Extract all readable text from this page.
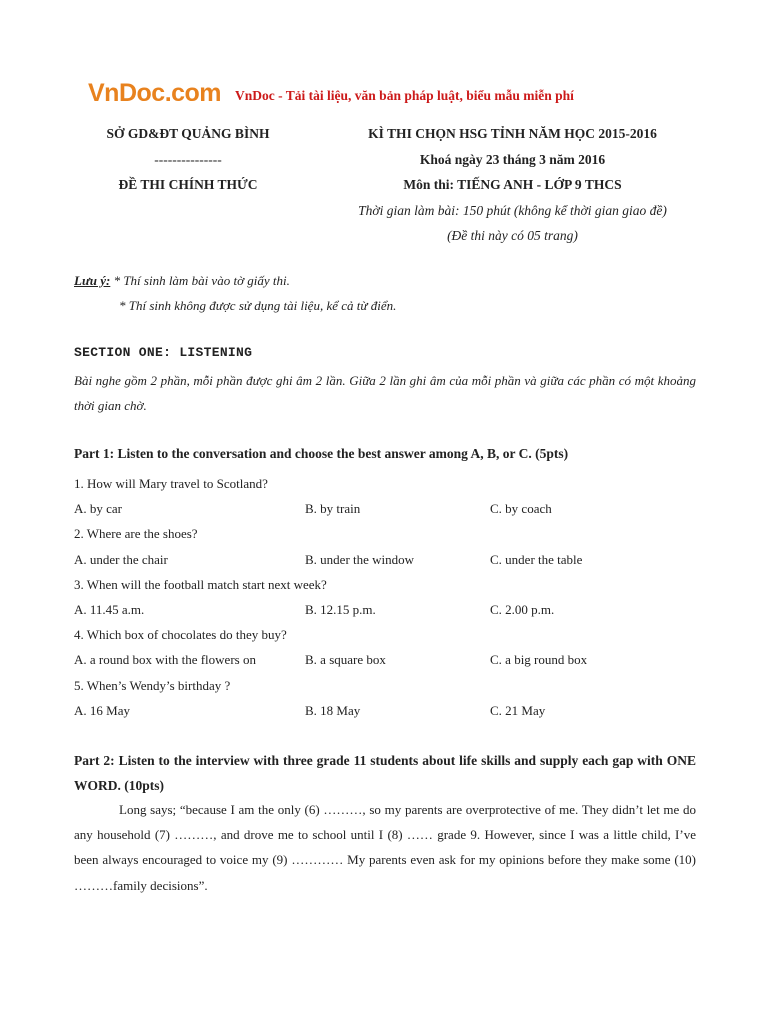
VnDoc.com VnDoc - Tải tài liệu, văn bản pháp luật, biểu mẫu miễn phí
SỞ GD&ĐT QUẢNG BÌNH
---------------
ĐỀ THI CHÍNH THỨC
KÌ THI CHỌN HSG TỈNH NĂM HỌC 2015-2016
Khoá ngày 23 tháng 3 năm 2016
Môn thi: TIẾNG ANH - LỚP 9 THCS
Thời gian làm bài: 150 phút (không kể thời gian giao đề)
(Đề thi này có 05 trang)
Lưu ý: * Thí sinh làm bài vào tờ giấy thi.
* Thí sinh không được sử dụng tài liệu, kể cả từ điển.
SECTION ONE: LISTENING
Bài nghe gồm 2 phần, mỗi phần được ghi âm 2 lần. Giữa 2 lần ghi âm của mỗi phần và giữa các phần có một khoảng thời gian chờ.
Part 1: Listen to the conversation and choose the best answer among A, B, or C. (5pts)
1. How will Mary travel to Scotland?
A. by car	B. by train	C. by coach
2. Where are the shoes?
A. under the chair	B. under the window	C. under the table
3. When will the football match start next week?
A. 11.45 a.m.	B. 12.15 p.m.	C. 2.00 p.m.
4. Which box of chocolates do they buy?
A. a round box with the flowers on	B. a square box	C. a big round box
5. When’s Wendy’s birthday ?
A. 16 May	B. 18 May	C. 21 May
Part 2: Listen to the interview with three grade 11 students about life skills and supply each gap with ONE WORD. (10pts)
Long says; “because I am the only (6) ………, so my parents are overprotective of me. They didn’t let me do any household (7) ………, and drove me to school until I (8) …… grade 9. However, since I was a little child, I’ve been always encouraged to voice my (9) ………… My parents even ask for my opinions before they make some (10) ………family decisions”.
